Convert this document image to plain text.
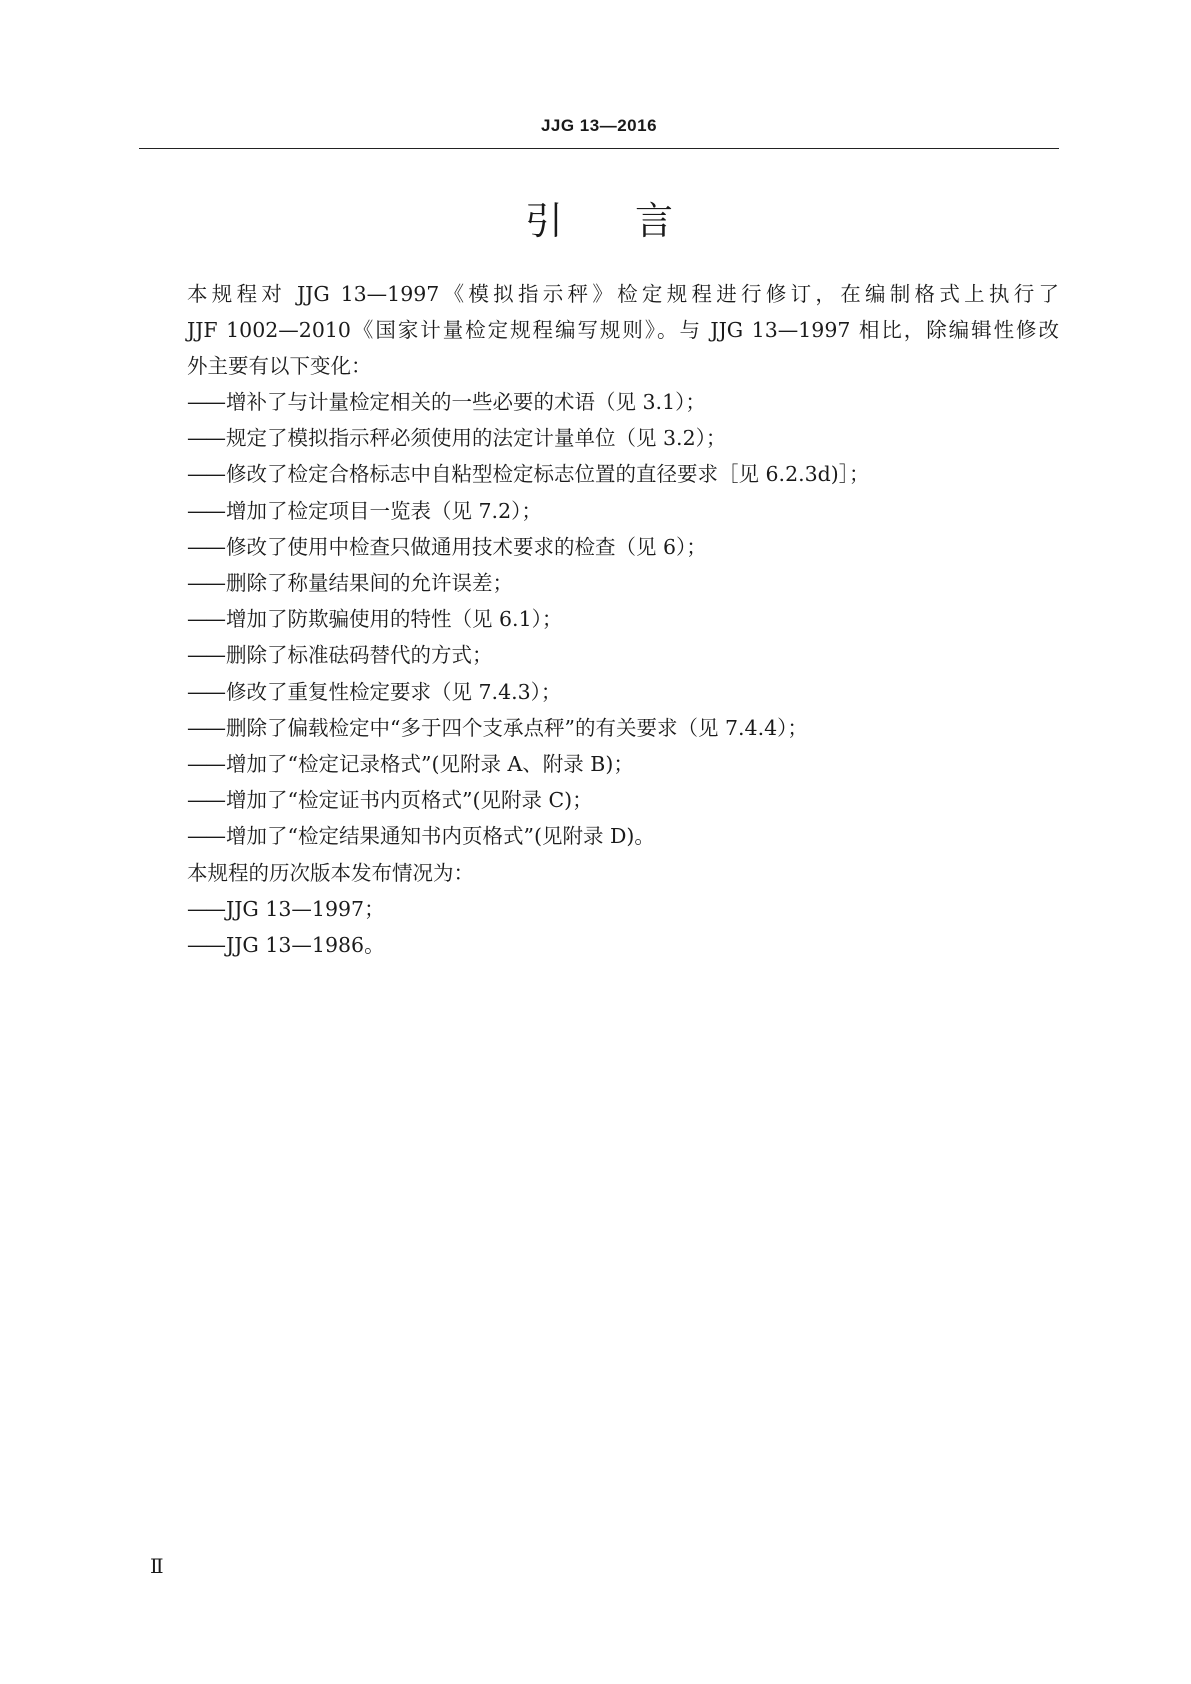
JJG 13—2016
引言

本规程对 JJG 13—1997《模拟指示秤》检定规程进行修订，在编制格式上执行了
JJF 1002—2010《国家计量检定规程编写规则》。与 JJG 13—1997 相比，除编辑性修改
外主要有以下变化：

——增补了与计量检定相关的一些必要的术语（见 3.1）；
——规定了模拟指示秤必须使用的法定计量单位（见 3.2）；
——修改了检定合格标志中自粘型检定标志位置的直径要求［见 6.2.3d)］；
——增加了检定项目一览表（见 7.2）；
——修改了使用中检查只做通用技术要求的检查（见 6）；
——删除了称量结果间的允许误差；
——增加了防欺骗使用的特性（见 6.1）；
——删除了标准砝码替代的方式；
——修改了重复性检定要求（见 7.4.3）；
——删除了偏载检定中“多于四个支承点秤”的有关要求（见 7.4.4）；
——增加了“检定记录格式”(见附录 A、附录 B)；
——增加了“检定证书内页格式”(见附录 C)；
——增加了“检定结果通知书内页格式”(见附录 D)。

本规程的历次版本发布情况为：

——JJG 13—1997；
——JJG 13—1986。
Ⅱ
